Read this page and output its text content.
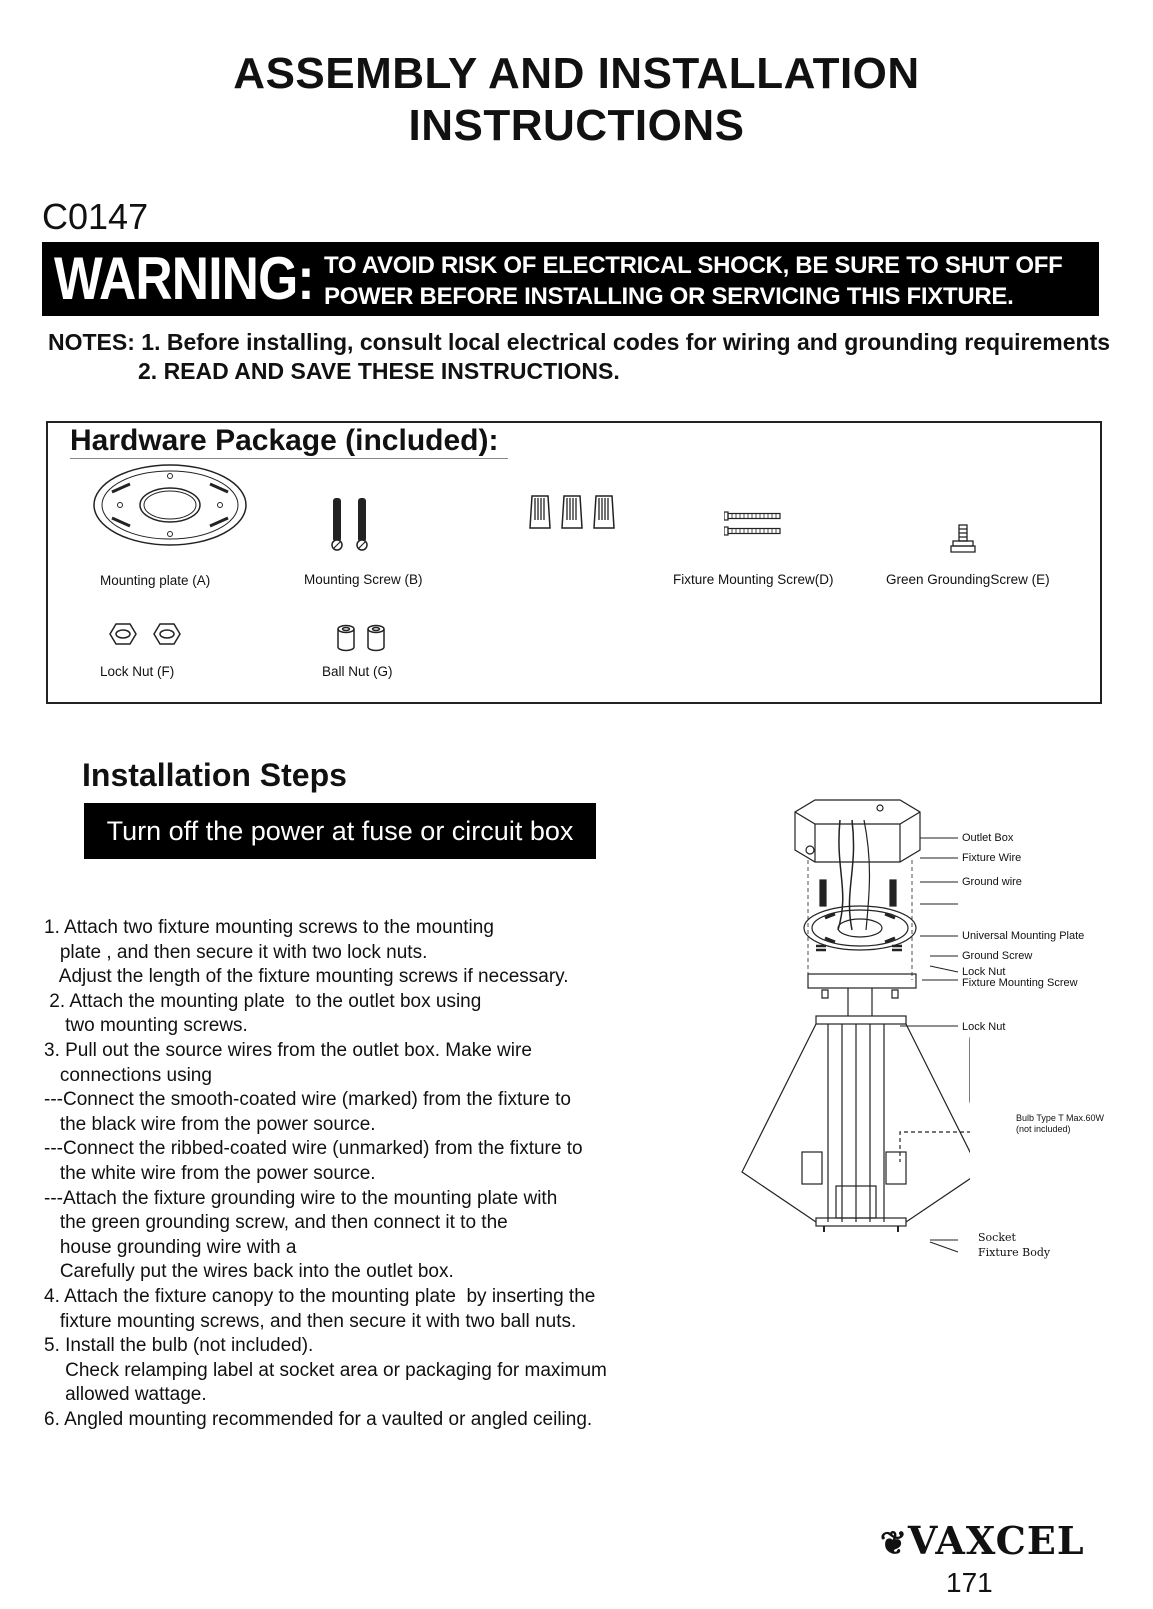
ASSEMBLY AND INSTALLATION
INSTRUCTIONS
C0147
WARNING: TO AVOID RISK OF ELECTRICAL SHOCK, BE SURE TO SHUT OFF
POWER BEFORE INSTALLING OR SERVICING THIS FIXTURE.
NOTES: 1. Before installing, consult local electrical codes for wiring and grounding requirements
2. READ AND SAVE THESE INSTRUCTIONS.
Hardware Package (included):
Mounting plate (A)	Mounting Screw (B)	Fixture Mounting Screw(D)	Green GroundingScrew (E)
Lock Nut (F)	Ball Nut (G)
Installation Steps
Turn off the power at fuse or circuit box
1. Attach two fixture mounting screws to the mounting
plate , and then secure it with two lock nuts.
Adjust the length of the fixture mounting screws if necessary.
2. Attach the mounting plate  to the outlet box using
two mounting screws.
3. Pull out the source wires from the outlet box. Make wire
connections using
---Connect the smooth-coated wire (marked) from the fixture to
the black wire from the power source.
---Connect the ribbed-coated wire (unmarked) from the fixture to
the white wire from the power source.
---Attach the fixture grounding wire to the mounting plate with
the green grounding screw, and then connect it to the
house grounding wire with a
Carefully put the wires back into the outlet box.
4. Attach the fixture canopy to the mounting plate  by inserting the
fixture mounting screws, and then secure it with two ball nuts.
5. Install the bulb (not included).
Check relamping label at socket area or packaging for maximum
allowed wattage.
6. Angled mounting recommended for a vaulted or angled ceiling.
Outlet Box
Fixture Wire
Ground wire
Universal Mounting Plate
Ground Screw
Lock Nut
Fixture Mounting Screw
Lock Nut
Bulb Type T Max.60W
(not included)
Socket
Fixture Body
❦VAXCEL
171
